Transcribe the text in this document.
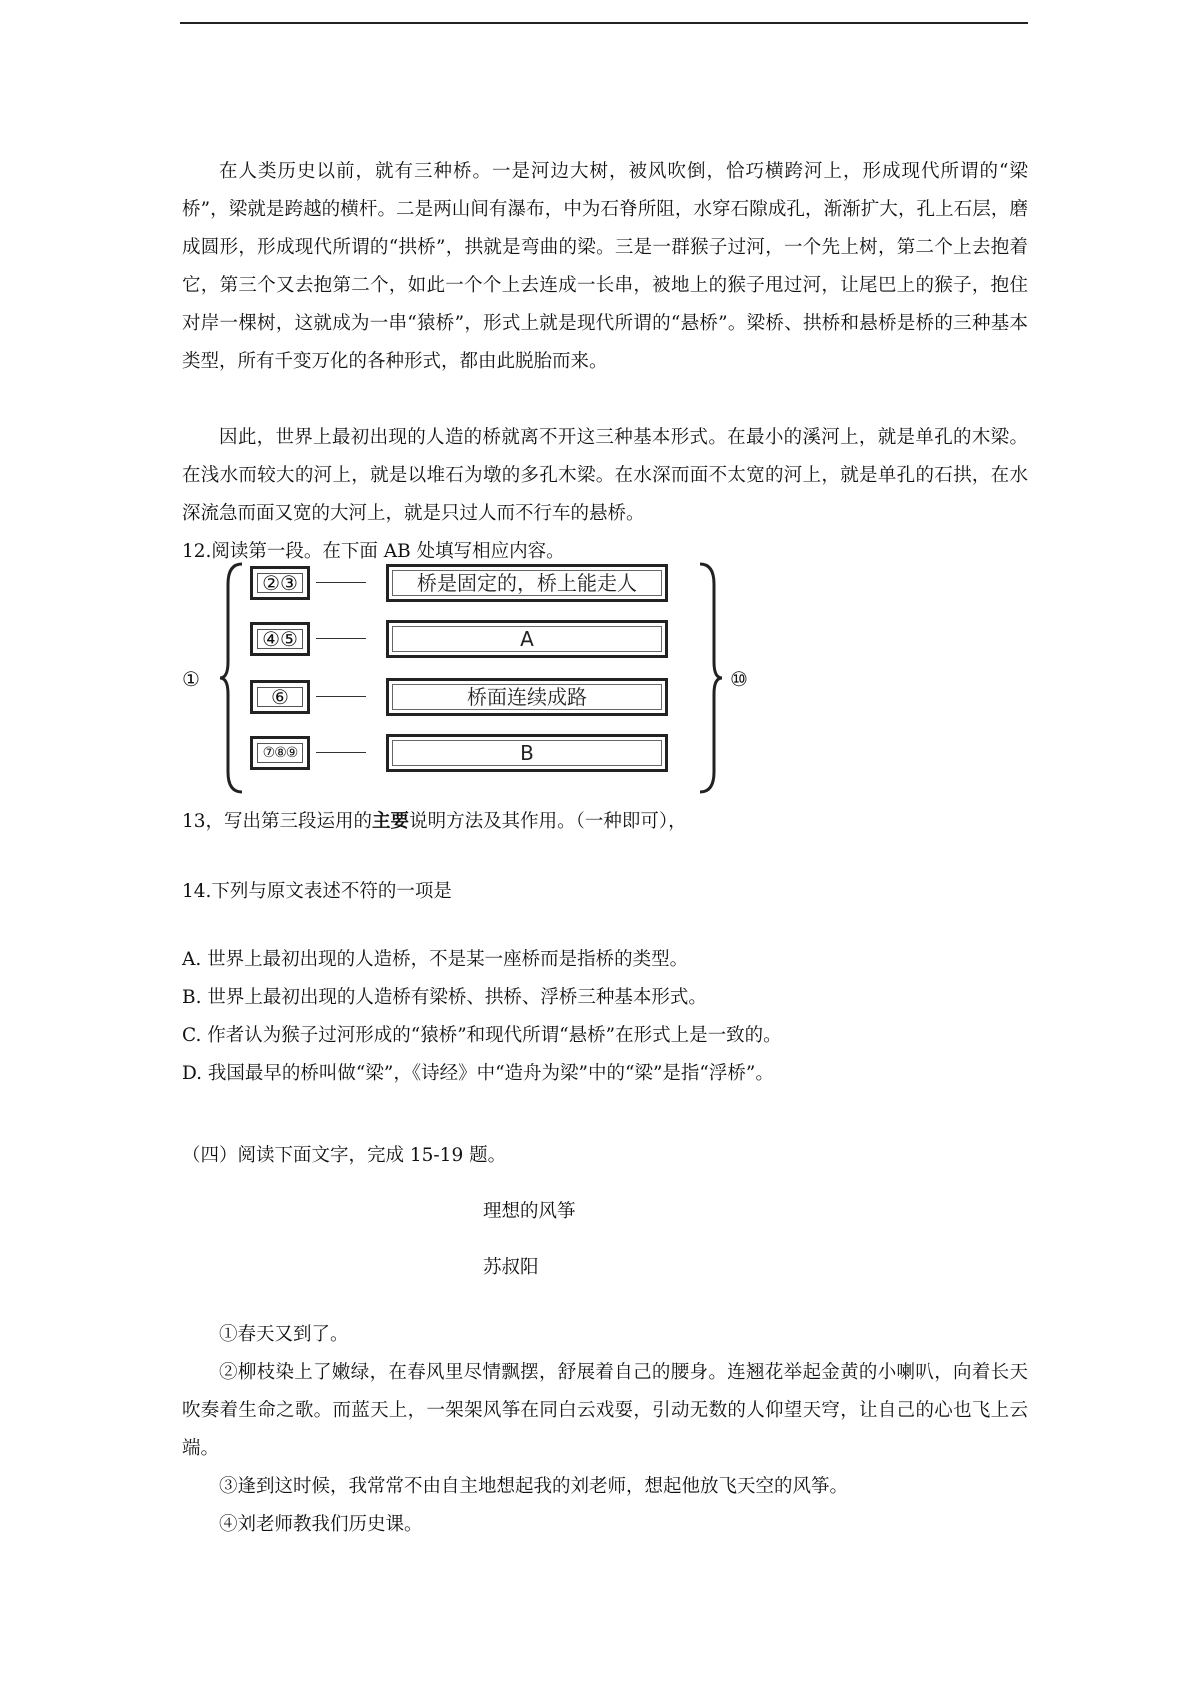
在人类历史以前，就有三种桥。一是河边大树，被风吹倒，恰巧横跨河上，形成现代所谓的“梁桥”，梁就是跨越的横杆。二是两山间有瀑布，中为石脊所阻，水穿石隙成孔，渐渐扩大，孔上石层，磨成圆形，形成现代所谓的“拱桥”，拱就是弯曲的梁。三是一群猴子过河，一个先上树，第二个上去抱着它，第三个又去抱第二个，如此一个个上去连成一长串，被地上的猴子甩过河，让尾巴上的猴子，抱住对岸一棵树，这就成为一串“猿桥”，形式上就是现代所谓的“悬桥”。梁桥、拱桥和悬桥是桥的三种基本类型，所有千变万化的各种形式，都由此脱胎而来。

因此，世界上最初出现的人造的桥就离不开这三种基本形式。在最小的溪河上，就是单孔的木梁。在浅水而较大的河上，就是以堆石为墩的多孔木梁。在水深而面不太宽的河上，就是单孔的石拱，在水深流急而面又宽的大河上，就是只过人而不行车的悬桥。

12.阅读第一段。在下面 AB 处填写相应内容。
①	⑩
②③	桥是固定的，桥上能走人
④⑤	A
⑥	桥面连续成路
⑦⑧⑨	B
13，写出第三段运用的主要说明方法及其作用。（一种即可），
14.下列与原文表述不符的一项是
A. 世界上最初出现的人造桥，不是某一座桥而是指桥的类型。
B. 世界上最初出现的人造桥有梁桥、拱桥、浮桥三种基本形式。
C. 作者认为猴子过河形成的“猿桥”和现代所谓“悬桥”在形式上是一致的。
D. 我国最早的桥叫做“梁”，《诗经》中“造舟为梁”中的“梁”是指“浮桥”。
（四）阅读下面文字，完成 15-19 题。
理想的风筝
苏叔阳

①春天又到了。

②柳枝染上了嫩绿，在春风里尽情飘摆，舒展着自己的腰身。连翘花举起金黄的小喇叭，向着长天吹奏着生命之歌。而蓝天上，一架架风筝在同白云戏耍，引动无数的人仰望天穹，让自己的心也飞上云端。

③逢到这时候，我常常不由自主地想起我的刘老师，想起他放飞天空的风筝。

④刘老师教我们历史课。
